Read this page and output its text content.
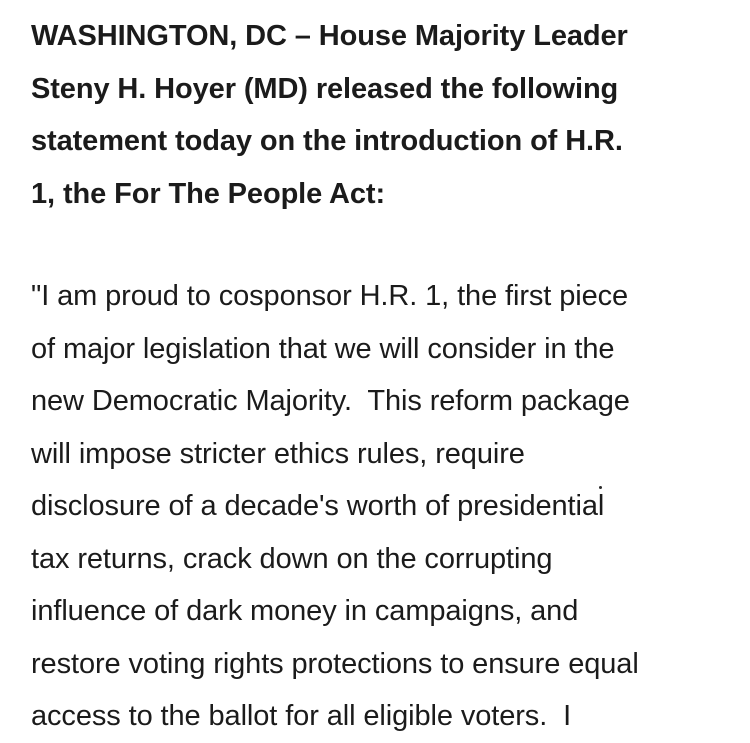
WASHINGTON, DC – House Majority Leader
Steny H. Hoyer (MD) released the following
statement today on the introduction of H.R.
1, the For The People Act:

"I am proud to cosponsor H.R. 1, the first piece
of major legislation that we will consider in the
new Democratic Majority.  This reform package
will impose stricter ethics rules, require
disclosure of a decade's worth of presidential
tax returns, crack down on the corrupting
influence of dark money in campaigns, and
restore voting rights protections to ensure equal
access to the ballot for all eligible voters.  I
